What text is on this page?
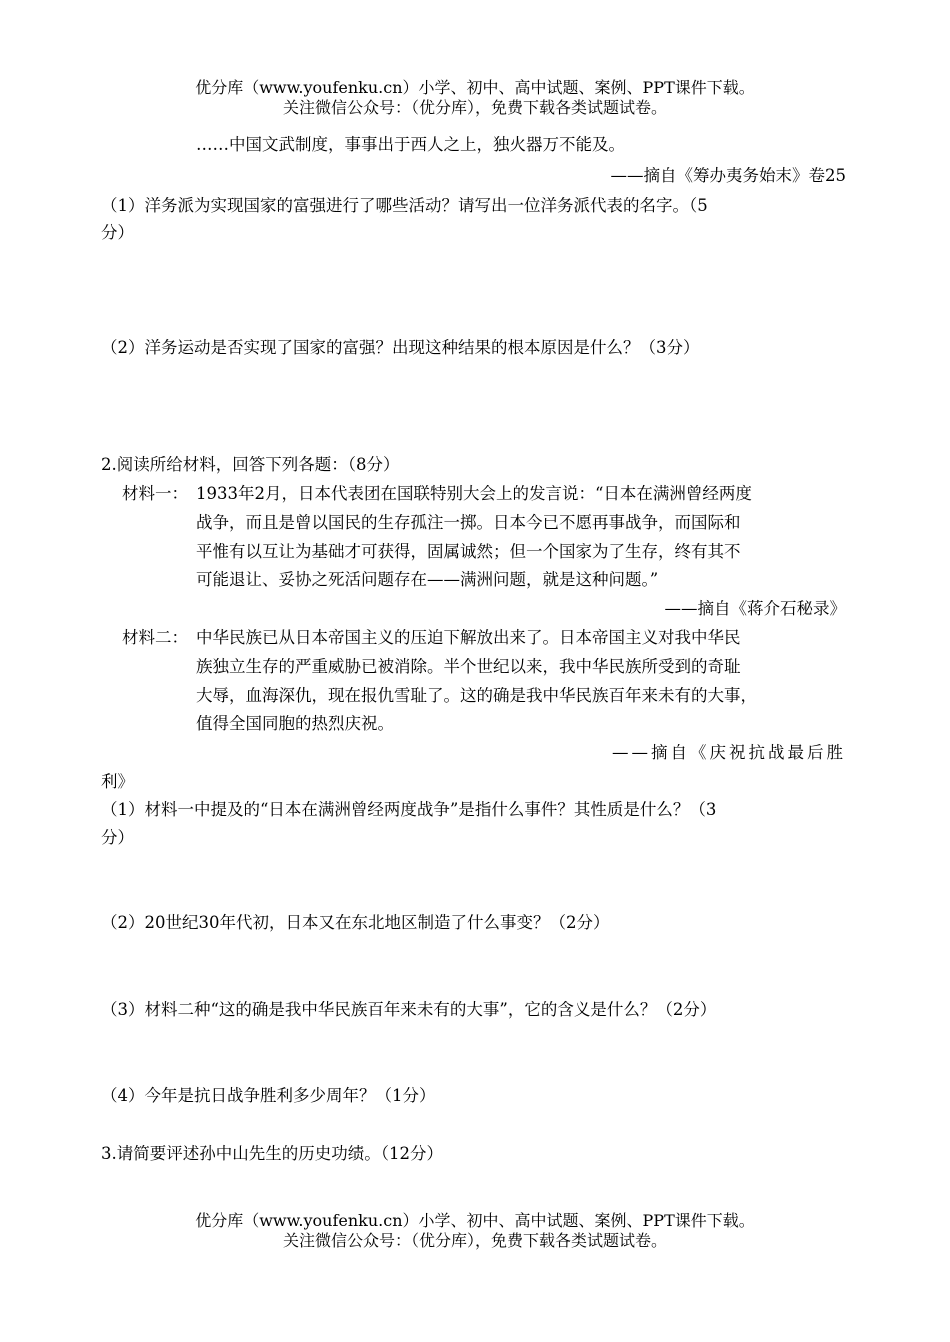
优分库（www.youfenku.cn）小学、初中、高中试题、案例、PPT课件下载。
关注微信公众号：（优分库），免费下载各类试题试卷。
……中国文武制度，事事出于西人之上，独火器万不能及。
——摘自《筹办夷务始末》卷25
（1）洋务派为实现国家的富强进行了哪些活动？请写出一位洋务派代表的名字。（5
分）
（2）洋务运动是否实现了国家的富强？出现这种结果的根本原因是什么？（3分）
2.阅读所给材料，回答下列各题：（8分）
材料一： 1933年2月，日本代表团在国联特别大会上的发言说：“日本在满洲曾经两度
战争，而且是曾以国民的生存孤注一掷。日本今已不愿再事战争，而国际和
平惟有以互让为基础才可获得，固属诚然；但一个国家为了生存，终有其不
可能退让、妥协之死活问题存在——满洲问题，就是这种问题。”
——摘自《蒋介石秘录》
材料二： 中华民族已从日本帝国主义的压迫下解放出来了。日本帝国主义对我中华民
族独立生存的严重威胁已被消除。半个世纪以来，我中华民族所受到的奇耻
大辱，血海深仇，现在报仇雪耻了。这的确是我中华民族百年来未有的大事，
值得全国同胞的热烈庆祝。
——摘自《庆祝抗战最后胜
利》
（1）材料一中提及的“日本在满洲曾经两度战争”是指什么事件？其性质是什么？（3
分）
（2）20世纪30年代初，日本又在东北地区制造了什么事变？（2分）
（3）材料二种“这的确是我中华民族百年来未有的大事”，它的含义是什么？（2分）
（4）今年是抗日战争胜利多少周年？（1分）
3.请简要评述孙中山先生的历史功绩。（12分）
优分库（www.youfenku.cn）小学、初中、高中试题、案例、PPT课件下载。
关注微信公众号：（优分库），免费下载各类试题试卷。
